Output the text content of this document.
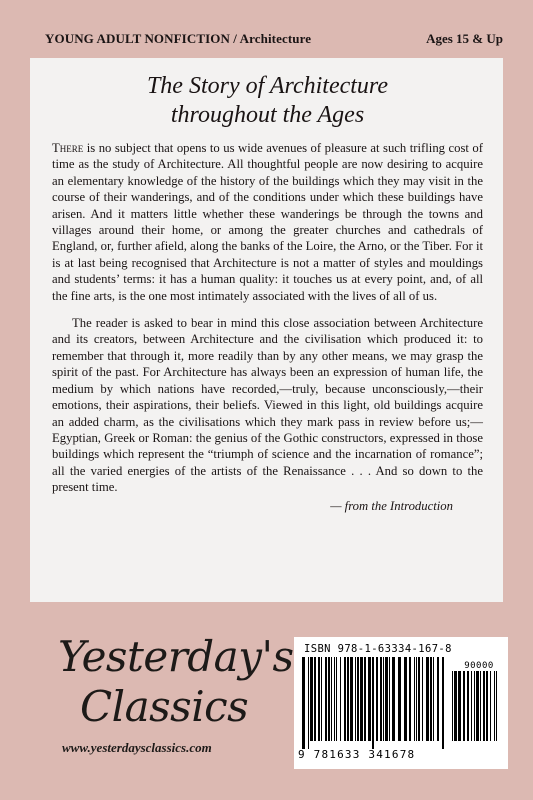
YOUNG ADULT NONFICTION / Architecture	Ages 15 & Up
The Story of Architecture
throughout the Ages

There is no subject that opens to us wide avenues of pleasure at such trifling cost of time as the study of Architecture. All thoughtful people are now desiring to acquire an elementary knowledge of the history of the buildings which they may visit in the course of their wanderings, and of the conditions under which these buildings have arisen. And it matters little whether these wanderings be through the towns and villages around their home, or among the greater churches and cathedrals of England, or, further afield, along the banks of the Loire, the Arno, or the Tiber. For it is at last being recognised that Architecture is not a matter of styles and mouldings and students’ terms: it has a human quality: it touches us at every point, and, of all the fine arts, is the one most intimately associated with the lives of all of us.

The reader is asked to bear in mind this close association between Architecture and its creators, between Architecture and the civilisation which produced it: to remember that through it, more readily than by any other means, we may grasp the spirit of the past. For Architecture has always been an expression of human life, the medium by which nations have recorded,—truly, because unconsciously,—their emotions, their aspirations, their beliefs. Viewed in this light, old buildings acquire an added charm, as the civilisations which they mark pass in review before us;—Egyptian, Greek or Roman: the genius of the Gothic constructors, expressed in those buildings which represent the “triumph of science and the incarnation of romance”; all the varied energies of the artists of the Renaissance . . . And so down to the present time.

— from the Introduction
Yesterday's
Classics
www.yesterdaysclassics.com
ISBN 978-1-63334-167-8
90000
9 781633 341678
